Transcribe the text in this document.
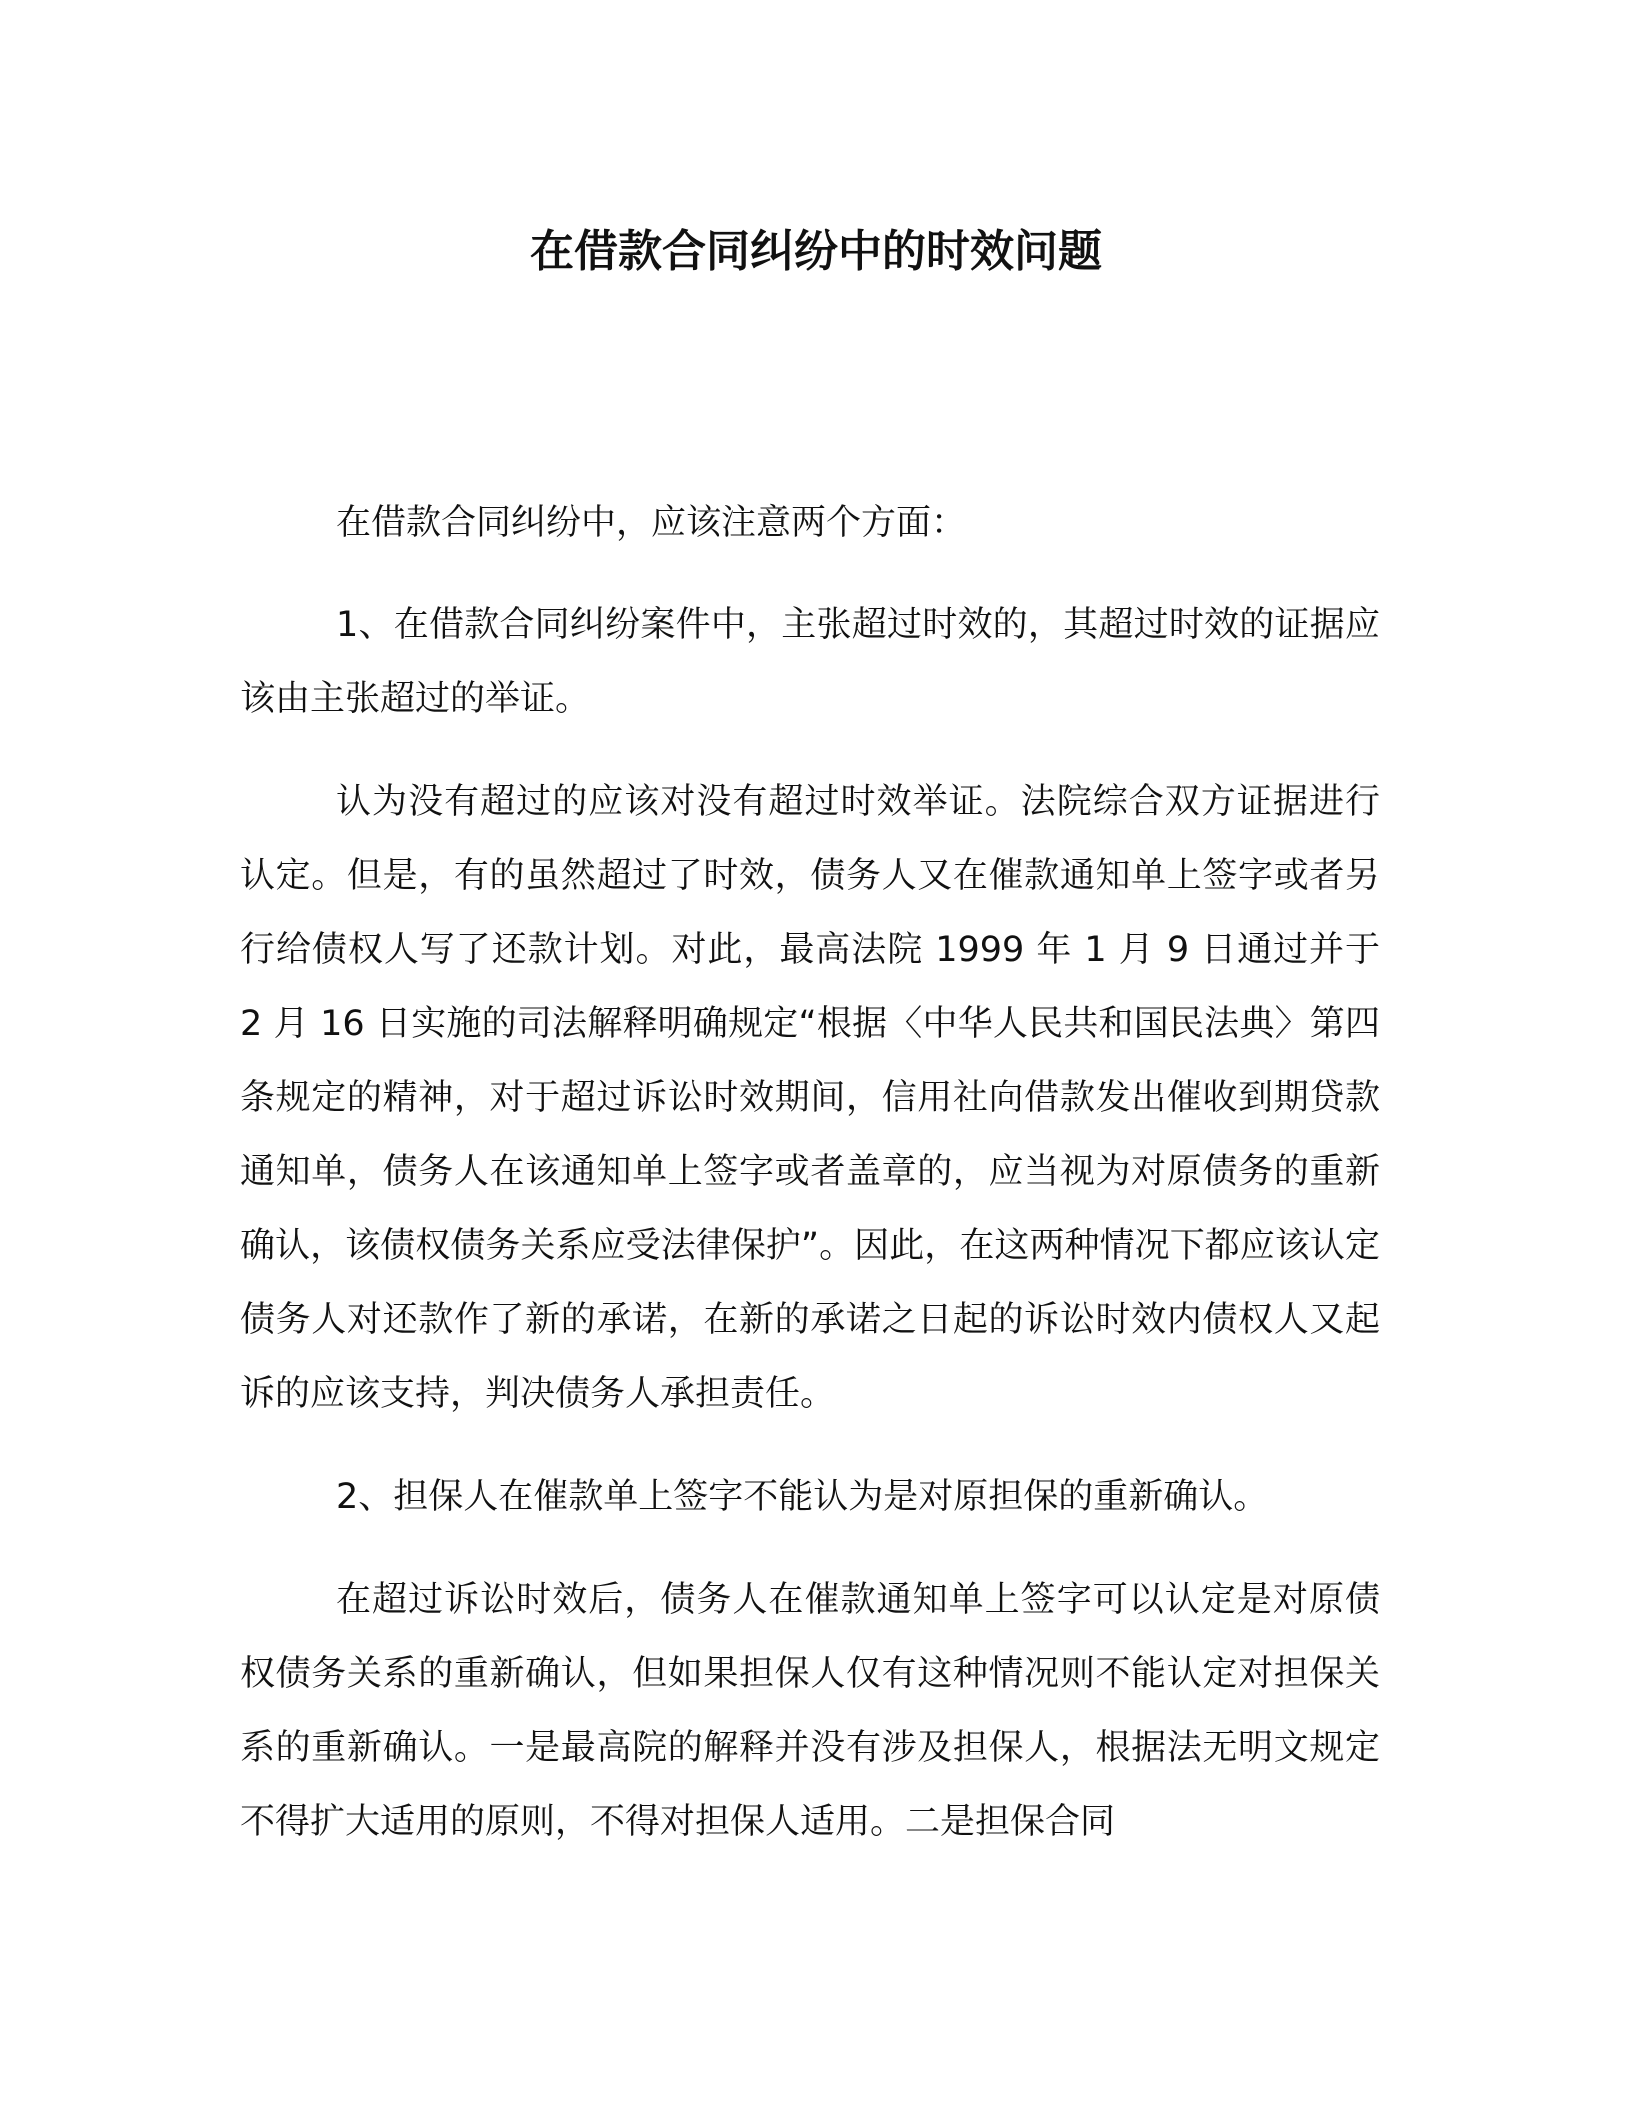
在借款合同纠纷中的时效问题

在借款合同纠纷中，应该注意两个方面：

1、在借款合同纠纷案件中，主张超过时效的，其超过时效的证据应该由主张超过的举证。

认为没有超过的应该对没有超过时效举证。法院综合双方证据进行认定。但是，有的虽然超过了时效，债务人又在催款通知单上签字或者另行给债权人写了还款计划。对此，最高法院 1999 年 1 月 9 日通过并于 2 月 16 日实施的司法解释明确规定“根据〈中华人民共和国民法典〉第四条规定的精神，对于超过诉讼时效期间，信用社向借款发出催收到期贷款通知单，债务人在该通知单上签字或者盖章的，应当视为对原债务的重新确认，该债权债务关系应受法律保护”。因此，在这两种情况下都应该认定债务人对还款作了新的承诺，在新的承诺之日起的诉讼时效内债权人又起诉的应该支持，判决债务人承担责任。

2、担保人在催款单上签字不能认为是对原担保的重新确认。

在超过诉讼时效后，债务人在催款通知单上签字可以认定是对原债权债务关系的重新确认，但如果担保人仅有这种情况则不能认定对担保关系的重新确认。一是最高院的解释并没有涉及担保人，根据法无明文规定不得扩大适用的原则，不得对担保人适用。二是担保合同
